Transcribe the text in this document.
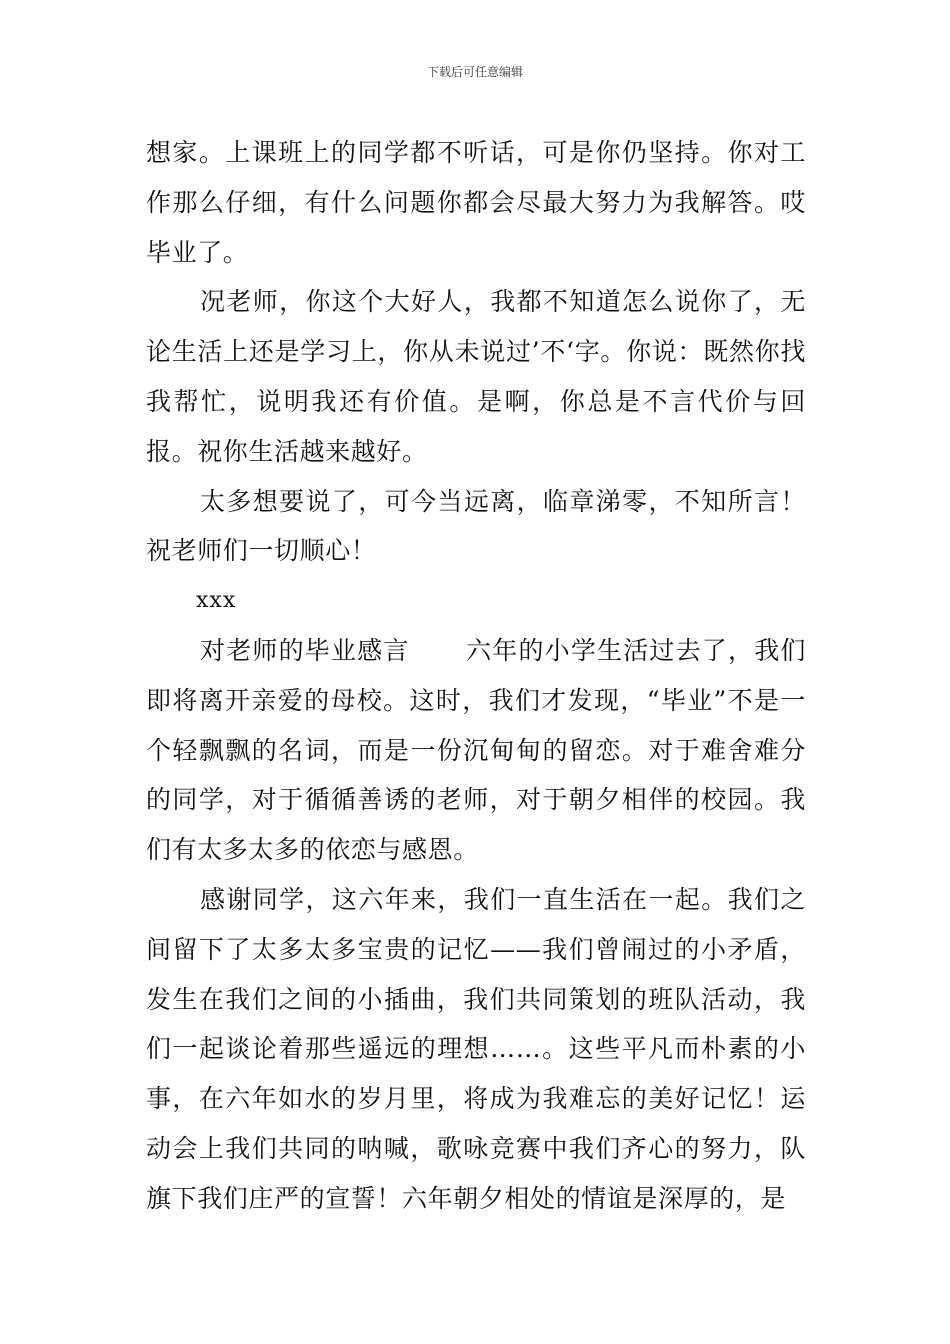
下载后可任意编辑

想家。上课班上的同学都不听话，可是你仍坚持。你对工作那么仔细，有什么问题你都会尽最大努力为我解答。哎毕业了。

况老师，你这个大好人，我都不知道怎么说你了，无论生活上还是学习上，你从未说过’不‘字。你说：既然你找我帮忙，说明我还有价值。是啊，你总是不言代价与回报。祝你生活越来越好。

太多想要说了，可今当远离，临章涕零，不知所言！祝老师们一切顺心！

xxx

对老师的毕业感言 六年的小学生活过去了，我们即将离开亲爱的母校。这时，我们才发现，“毕业”不是一个轻飘飘的名词，而是一份沉甸甸的留恋。对于难舍难分的同学，对于循循善诱的老师，对于朝夕相伴的校园。我们有太多太多的依恋与感恩。

感谢同学，这六年来，我们一直生活在一起。我们之间留下了太多太多宝贵的记忆——我们曾闹过的小矛盾，发生在我们之间的小插曲，我们共同策划的班队活动，我们一起谈论着那些遥远的理想……。这些平凡而朴素的小事，在六年如水的岁月里，将成为我难忘的美好记忆！运动会上我们共同的呐喊，歌咏竞赛中我们齐心的努力，队旗下我们庄严的宣誓！六年朝夕相处的情谊是深厚的，是
